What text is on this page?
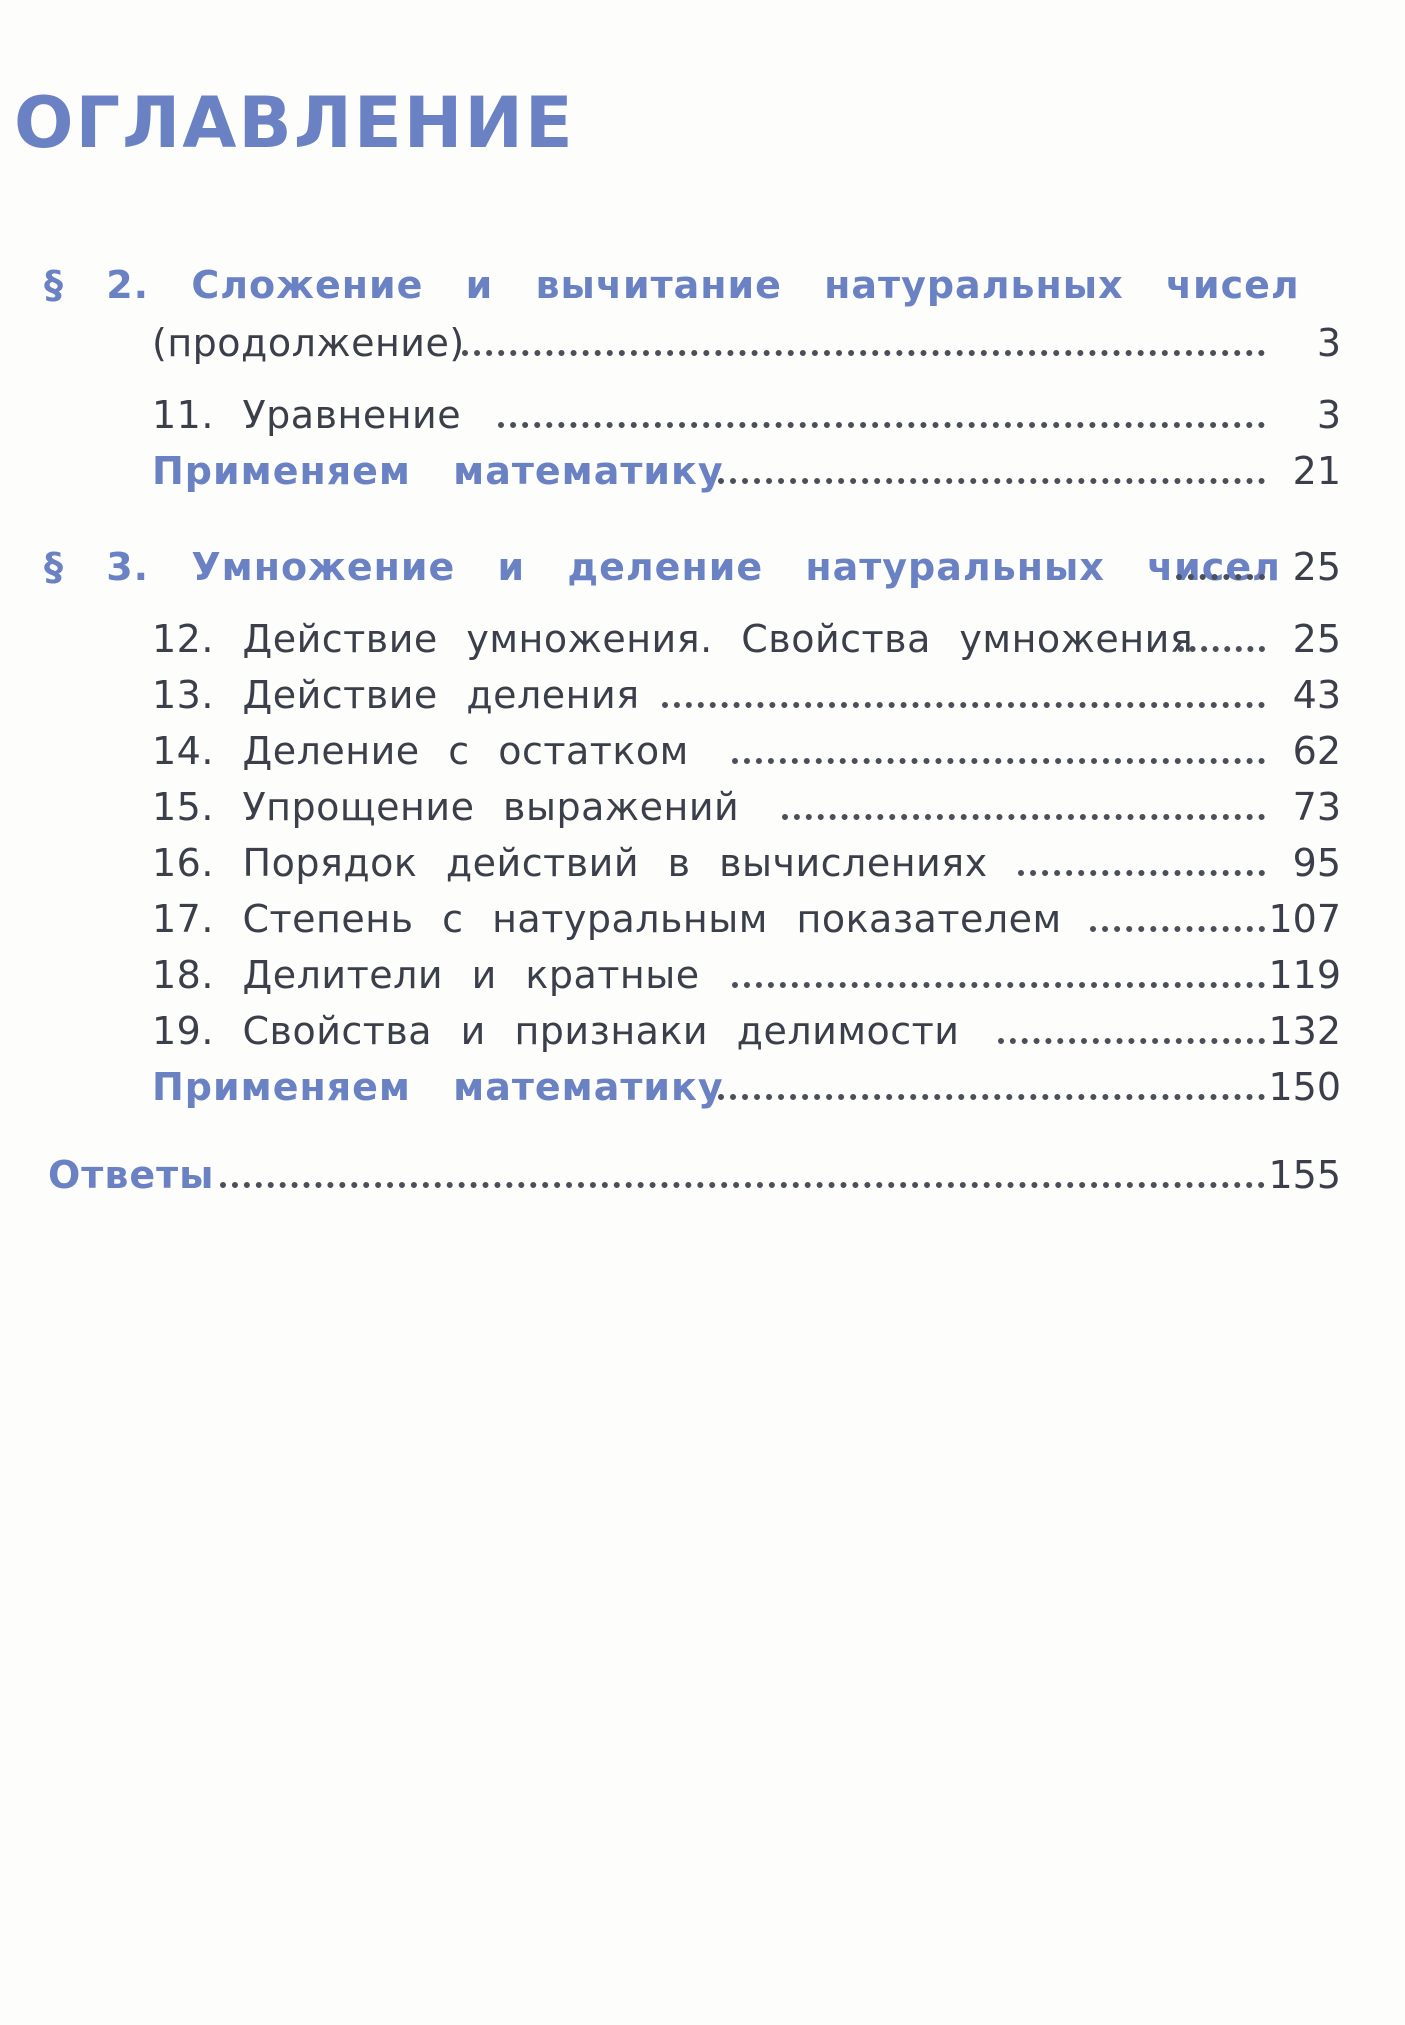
ОГЛАВЛЕНИЕ
§ 2. Сложение и вычитание натуральных чисел
(продолжение)	3
11. Уравнение	3
Применяем математику	21
§ 3. Умножение и деление натуральных чисел 25
12. Действие умножения. Свойства умножения	25
13. Действие деления	43
14. Деление с остатком	62
15. Упрощение выражений	73
16. Порядок действий в вычислениях	95
17. Степень с натуральным показателем	107
18. Делители и кратные	119
19. Свойства и признаки делимости	132
Применяем математику	150
Ответы	155
